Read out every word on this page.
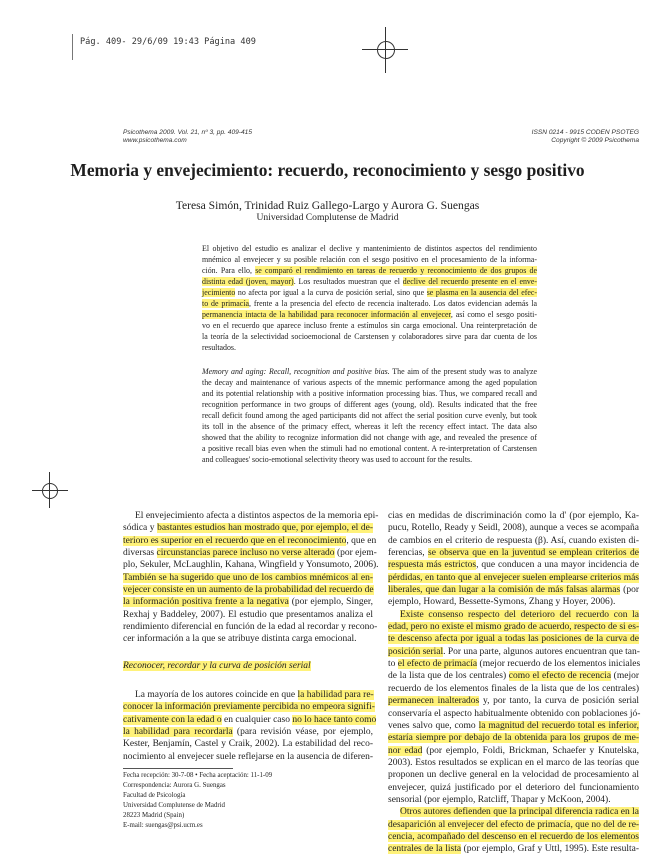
Pág. 409- 29/6/09 19:43 Página 409
Psicothema 2009. Vol. 21, nº 3, pp. 409-415
www.psicothema.com
ISSN 0214 - 9915 CODEN PSOTEG
Copyright © 2009 Psicothema
Memoria y envejecimiento: recuerdo, reconocimiento y sesgo positivo
Teresa Simón, Trinidad Ruiz Gallego-Largo y Aurora G. Suengas
Universidad Complutense de Madrid
El objetivo del estudio es analizar el declive y mantenimiento de distintos aspectos del rendimiento
mnémico al envejecer y su posible relación con el sesgo positivo en el procesamiento de la informa-
ción. Para ello, se comparó el rendimiento en tareas de recuerdo y reconocimiento de dos grupos de
distinta edad (joven, mayor). Los resultados muestran que el declive del recuerdo presente en el enve-
jecimiento no afecta por igual a la curva de posición serial, sino que se plasma en la ausencia del efec-
to de primacía, frente a la presencia del efecto de recencia inalterado. Los datos evidencian además la
permanencia intacta de la habilidad para reconocer información al envejecer, así como el sesgo positi-
vo en el recuerdo que aparece incluso frente a estímulos sin carga emocional. Una reinterpretación de
la teoría de la selectividad socioemocional de Carstensen y colaboradores sirve para dar cuenta de los
resultados.
Memory and aging: Recall, recognition and positive bias. The aim of the present study was to analyze
the decay and maintenance of various aspects of the mnemic performance among the aged population
and its potential relationship with a positive information processing bias. Thus, we compared recall and
recognition performance in two groups of different ages (young, old). Results indicated that the free
recall deficit found among the aged participants did not affect the serial position curve evenly, but took
its toll in the absence of the primacy effect, whereas it left the recency effect intact. The data also
showed that the ability to recognize information did not change with age, and revealed the presence of
a positive recall bias even when the stimuli had no emotional content. A re-interpretation of Carstensen
and colleagues' socio-emotional selectivity theory was used to account for the results.
El envejecimiento afecta a distintos aspectos de la memoria epi-
sódica y bastantes estudios han mostrado que, por ejemplo, el de-
terioro es superior en el recuerdo que en el reconocimiento, que en
diversas circunstancias parece incluso no verse alterado (por ejem-
plo, Sekuler, McLaughlin, Kahana, Wingfield y Yonsumoto, 2006).
También se ha sugerido que uno de los cambios mnémicos al en-
vejecer consiste en un aumento de la probabilidad del recuerdo de
la información positiva frente a la negativa (por ejemplo, Singer,
Rexhaj y Baddeley, 2007). El estudio que presentamos analiza el
rendimiento diferencial en función de la edad al recordar y recono-
cer información a la que se atribuye distinta carga emocional.
Reconocer, recordar y la curva de posición serial
La mayoría de los autores coincide en que la habilidad para re-
conocer la información previamente percibida no empeora signifi-
cativamente con la edad o en cualquier caso no lo hace tanto como
la habilidad para recordarla (para revisión véase, por ejemplo,
Kester, Benjamín, Castel y Craik, 2002). La estabilidad del reco-
nocimiento al envejecer suele reflejarse en la ausencia de diferen-
cias en medidas de discriminación como la d' (por ejemplo, Ka-
pucu, Rotello, Ready y Seidl, 2008), aunque a veces se acompaña
de cambios en el criterio de respuesta (β). Así, cuando existen di-
ferencias, se observa que en la juventud se emplean criterios de
respuesta más estrictos, que conducen a una mayor incidencia de
pérdidas, en tanto que al envejecer suelen emplearse criterios más
liberales, que dan lugar a la comisión de más falsas alarmas (por
ejemplo, Howard, Bessette-Symons, Zhang y Hoyer, 2006).
Existe consenso respecto del deterioro del recuerdo con la
edad, pero no existe el mismo grado de acuerdo, respecto de si es-
te descenso afecta por igual a todas las posiciones de la curva de
posición serial. Por una parte, algunos autores encuentran que tan-
to el efecto de primacía (mejor recuerdo de los elementos iniciales
de la lista que de los centrales) como el efecto de recencia (mejor
recuerdo de los elementos finales de la lista que de los centrales)
permanecen inalterados y, por tanto, la curva de posición serial
conservaría el aspecto habitualmente obtenido con poblaciones jó-
venes salvo que, como la magnitud del recuerdo total es inferior,
estaría siempre por debajo de la obtenida para los grupos de me-
nor edad (por ejemplo, Foldi, Brickman, Schaefer y Knutelska,
2003). Estos resultados se explican en el marco de las teorías que
proponen un declive general en la velocidad de procesamiento al
envejecer, quizá justificado por el deterioro del funcionamiento
sensorial (por ejemplo, Ratcliff, Thapar y McKoon, 2004).
Otros autores defienden que la principal diferencia radica en la
desaparición al envejecer del efecto de primacía, que no del de re-
cencia, acompañado del descenso en el recuerdo de los elementos
centrales de la lista (por ejemplo, Graf y Uttl, 1995). Este resulta-
Fecha recepción: 30-7-08 • Fecha aceptación: 11-1-09
Correspondencia: Aurora G. Suengas
Facultad de Psicología
Universidad Complutense de Madrid
28223 Madrid (Spain)
E-mail: suengas@psi.ucm.es
